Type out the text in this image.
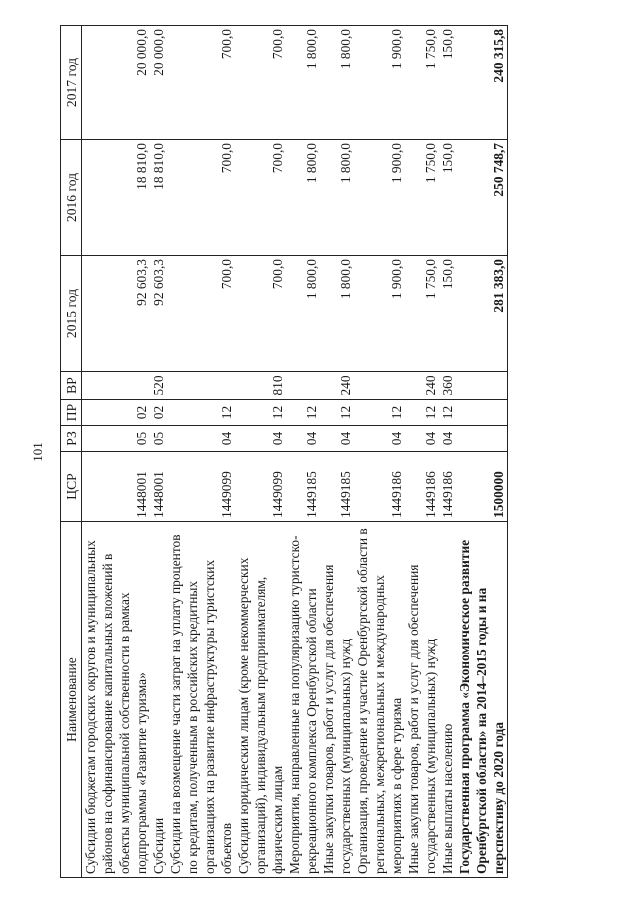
101
Наименование	ЦСР	РЗ	ПР	ВР	2015 год	2016 год	2017 год
Субсидии бюджетам городских округов и муниципальных районов на софинансирование капитальных вложений в объекты муниципальной собственности в рамках подпрограммы «Развитие туризма»	1448001	05	02		92 603,3	18 810,0	20 000,0
Субсидии	1448001	05	02	520	92 603,3	18 810,0	20 000,0
Субсидии на возмещение части затрат на уплату процентов по кредитам, полученным в российских кредитных организациях на развитие инфраструктуры туристских объектов	1449099	04	12		700,0	700,0	700,0
Субсидии юридическим лицам (кроме некоммерческих организаций), индивидуальным предпринимателям, физическим лицам	1449099	04	12	810	700,0	700,0	700,0
Мероприятия, направленные на популяризацию туристско-рекреационного комплекса Оренбургской области	1449185	04	12		1 800,0	1 800,0	1 800,0
Иные закупки товаров, работ и услуг для обеспечения государственных (муниципальных) нужд	1449185	04	12	240	1 800,0	1 800,0	1 800,0
Организация, проведение и участие Оренбургской области в региональных, межрегиональных и международных мероприятиях в сфере туризма	1449186	04	12		1 900,0	1 900,0	1 900,0
Иные закупки товаров, работ и услуг для обеспечения государственных (муниципальных) нужд	1449186	04	12	240	1 750,0	1 750,0	1 750,0
Иные выплаты населению	1449186	04	12	360	150,0	150,0	150,0
Государственная программа «Экономическое развитие Оренбургской области» на 2014–2015 годы и на перспективу до 2020 года	1500000				281 383,0	250 748,7	240 315,8
